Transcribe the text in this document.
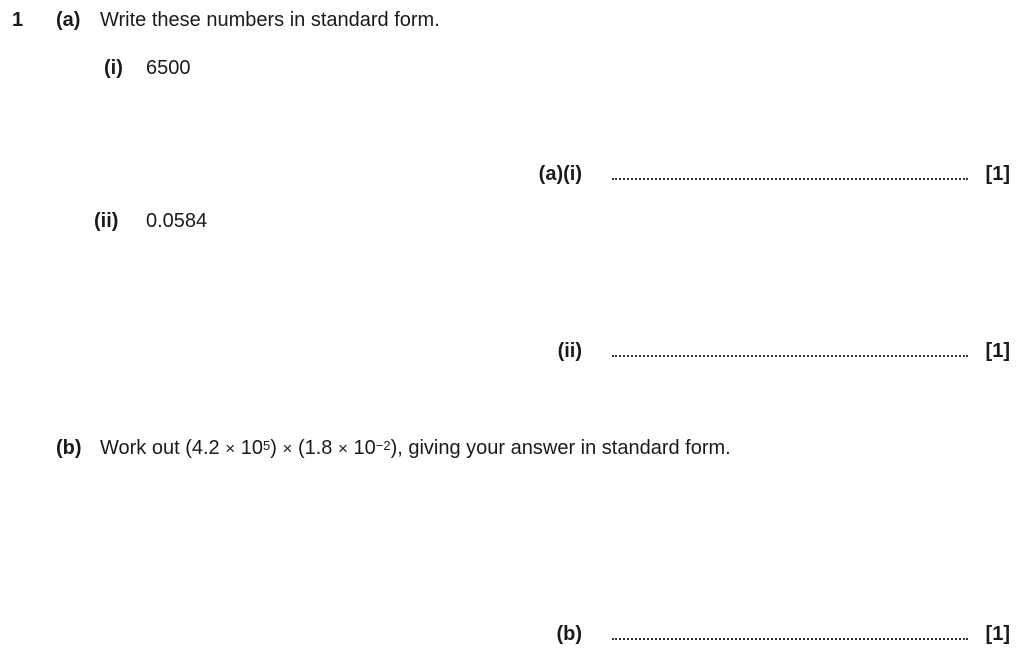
1 (a) Write these numbers in standard form.
(i) 6500
(a)(i)	[1]
(ii) 0.0584
(ii)	[1]
(b) Work out $(4.2 \times 10^5) \times (1.8 \times 10^{-2})$, giving your answer in standard form.
(b)	[1]
